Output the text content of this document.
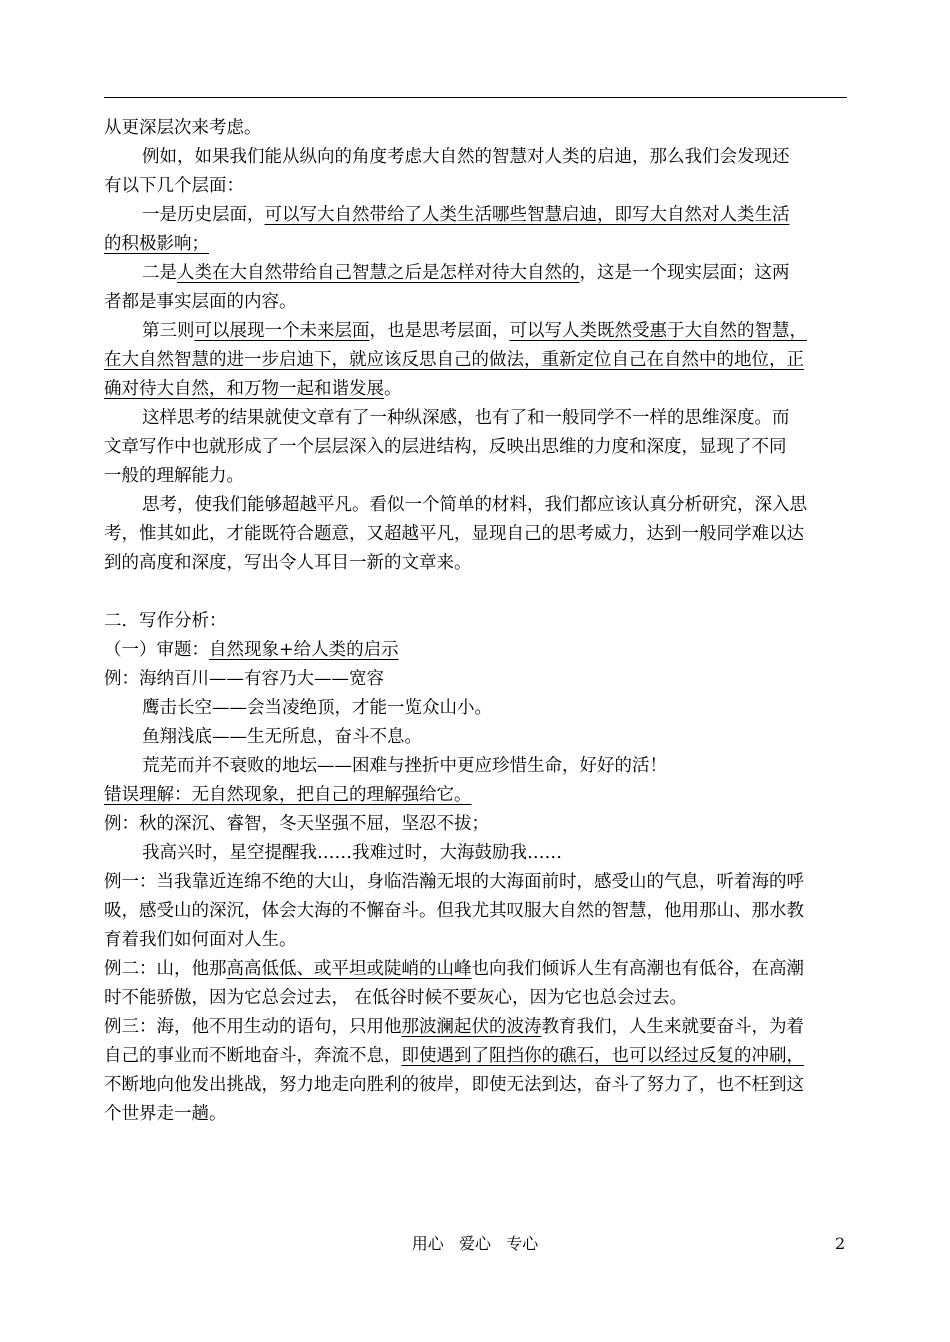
从更深层次来考虑。
例如，如果我们能从纵向的角度考虑大自然的智慧对人类的启迪，那么我们会发现还
有以下几个层面：
一是历史层面，可以写大自然带给了人类生活哪些智慧启迪，即写大自然对人类生活
的积极影响；
二是人类在大自然带给自己智慧之后是怎样对待大自然的，这是一个现实层面；这两
者都是事实层面的内容。
第三则可以展现一个未来层面，也是思考层面，可以写人类既然受惠于大自然的智慧，
在大自然智慧的进一步启迪下，就应该反思自己的做法，重新定位自己在自然中的地位，正
确对待大自然，和万物一起和谐发展。
这样思考的结果就使文章有了一种纵深感，也有了和一般同学不一样的思维深度。而
文章写作中也就形成了一个层层深入的层进结构，反映出思维的力度和深度，显现了不同
一般的理解能力。
思考，使我们能够超越平凡。看似一个简单的材料，我们都应该认真分析研究，深入思
考，惟其如此，才能既符合题意，又超越平凡，显现自己的思考威力，达到一般同学难以达
到的高度和深度，写出令人耳目一新的文章来。
二．写作分析：
（一）审题：自然现象+给人类的启示
例：海纳百川——有容乃大——宽容
鹰击长空——会当凌绝顶，才能一览众山小。
鱼翔浅底——生无所息，奋斗不息。
荒芜而并不衰败的地坛——困难与挫折中更应珍惜生命，好好的活！
错误理解：无自然现象，把自己的理解强给它。
例：秋的深沉、睿智，冬天坚强不屈，坚忍不拔；
我高兴时，星空提醒我……我难过时，大海鼓励我……
例一：当我靠近连绵不绝的大山，身临浩瀚无垠的大海面前时，感受山的气息，听着海的呼
吸，感受山的深沉，体会大海的不懈奋斗。但我尤其叹服大自然的智慧，他用那山、那水教
育着我们如何面对人生。
例二：山，他那高高低低、或平坦或陡峭的山峰也向我们倾诉人生有高潮也有低谷，在高潮
时不能骄傲，因为它总会过去， 在低谷时候不要灰心，因为它也总会过去。
例三：海，他不用生动的语句，只用他那波澜起伏的波涛教育我们，人生来就要奋斗，为着
自己的事业而不断地奋斗，奔流不息，即使遇到了阻挡你的礁石，也可以经过反复的冲刷，
不断地向他发出挑战，努力地走向胜利的彼岸，即使无法到达，奋斗了努力了，也不枉到这
个世界走一趟。
用心   爱心   专心	2
